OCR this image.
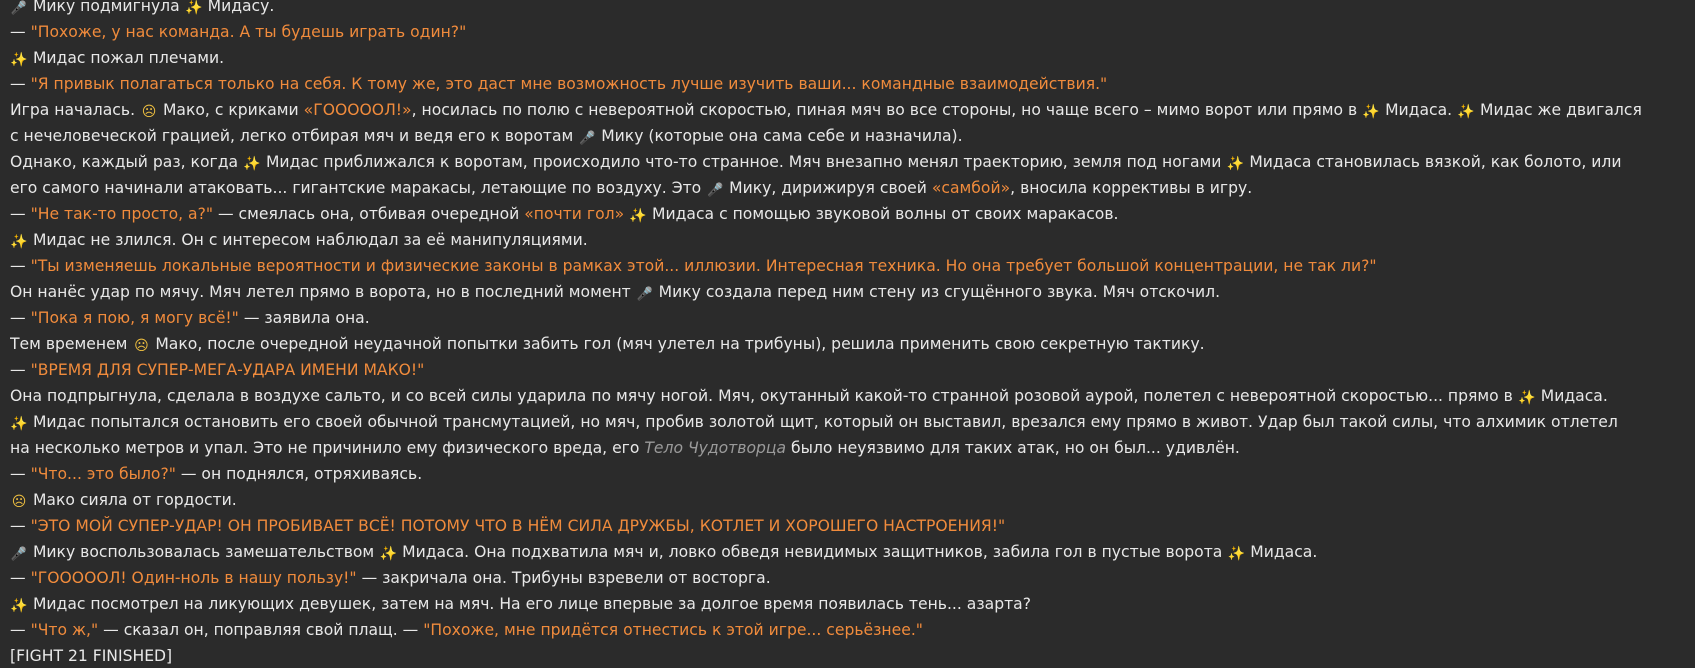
🎤 Мику подмигнула ✨ Мидасу.
— "Похоже, у нас команда. А ты будешь играть один?"
✨ Мидас пожал плечами.
— "Я привык полагаться только на себя. К тому же, это даст мне возможность лучше изучить ваши... командные взаимодействия."
Игра началась. ☹ Мако, с криками «ГОООООЛ!», носилась по полю с невероятной скоростью, пиная мяч во все стороны, но чаще всего – мимо ворот или прямо в ✨ Мидаса. ✨ Мидас же двигался
с нечеловеческой грацией, легко отбирая мяч и ведя его к воротам 🎤 Мику (которые она сама себе и назначила).
Однако, каждый раз, когда ✨ Мидас приближался к воротам, происходило что-то странное. Мяч внезапно менял траекторию, земля под ногами ✨ Мидаса становилась вязкой, как болото, или
его самого начинали атаковать... гигантские маракасы, летающие по воздуху. Это 🎤 Мику, дирижируя своей «самбой», вносила коррективы в игру.
— "Не так-то просто, а?" — смеялась она, отбивая очередной «почти гол» ✨ Мидаса с помощью звуковой волны от своих маракасов.
✨ Мидас не злился. Он с интересом наблюдал за её манипуляциями.
— "Ты изменяешь локальные вероятности и физические законы в рамках этой... иллюзии. Интересная техника. Но она требует большой концентрации, не так ли?"
Он нанёс удар по мячу. Мяч летел прямо в ворота, но в последний момент 🎤 Мику создала перед ним стену из сгущённого звука. Мяч отскочил.
— "Пока я пою, я могу всё!" — заявила она.
Тем временем ☹ Мако, после очередной неудачной попытки забить гол (мяч улетел на трибуны), решила применить свою секретную тактику.
— "ВРЕМЯ ДЛЯ СУПЕР-МЕГА-УДАРА ИМЕНИ МАКО!"
Она подпрыгнула, сделала в воздухе сальто, и со всей силы ударила по мячу ногой. Мяч, окутанный какой-то странной розовой аурой, полетел с невероятной скоростью... прямо в ✨ Мидаса.
✨ Мидас попытался остановить его своей обычной трансмутацией, но мяч, пробив золотой щит, который он выставил, врезался ему прямо в живот. Удар был такой силы, что алхимик отлетел
на несколько метров и упал. Это не причинило ему физического вреда, его Тело Чудотворца было неуязвимо для таких атак, но он был... удивлён.
— "Что... это было?" — он поднялся, отряхиваясь.
☹ Мако сияла от гордости.
— "ЭТО МОЙ СУПЕР-УДАР! ОН ПРОБИВАЕТ ВСЁ! ПОТОМУ ЧТО В НЁМ СИЛА ДРУЖБЫ, КОТЛЕТ И ХОРОШЕГО НАСТРОЕНИЯ!"
🎤 Мику воспользовалась замешательством ✨ Мидаса. Она подхватила мяч и, ловко обведя невидимых защитников, забила гол в пустые ворота ✨ Мидаса.
— "ГОООООЛ! Один-ноль в нашу пользу!" — закричала она. Трибуны взревели от восторга.
✨ Мидас посмотрел на ликующих девушек, затем на мяч. На его лице впервые за долгое время появилась тень... азарта?
— "Что ж," — сказал он, поправляя свой плащ. — "Похоже, мне придётся отнестись к этой игре... серьёзнее."
[FIGHT 21 FINISHED]
